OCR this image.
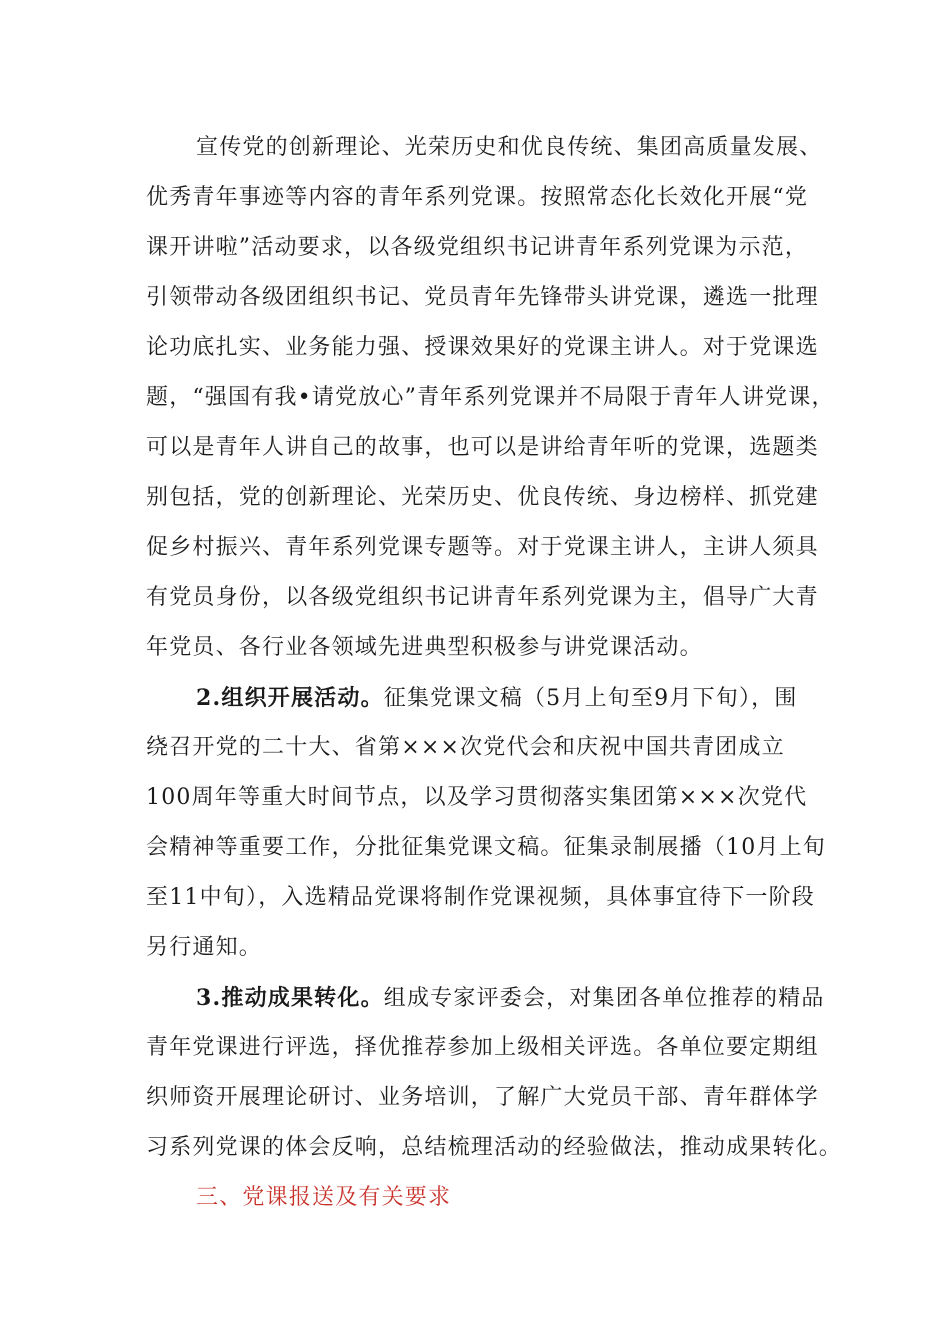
宣传党的创新理论、光荣历史和优良传统、集团高质量发展、
优秀青年事迹等内容的青年系列党课。按照常态化长效化开展“党
课开讲啦”活动要求，以各级党组织书记讲青年系列党课为示范，
引领带动各级团组织书记、党员青年先锋带头讲党课，遴选一批理
论功底扎实、业务能力强、授课效果好的党课主讲人。对于党课选
题，“强国有我•请党放心”青年系列党课并不局限于青年人讲党课，
可以是青年人讲自己的故事，也可以是讲给青年听的党课，选题类
别包括，党的创新理论、光荣历史、优良传统、身边榜样、抓党建
促乡村振兴、青年系列党课专题等。对于党课主讲人，主讲人须具
有党员身份，以各级党组织书记讲青年系列党课为主，倡导广大青
年党员、各行业各领域先进典型积极参与讲党课活动。
2.组织开展活动。征集党课文稿（5月上旬至9月下旬），围
绕召开党的二十大、省第×××次党代会和庆祝中国共青团成立
100周年等重大时间节点，以及学习贯彻落实集团第×××次党代
会精神等重要工作，分批征集党课文稿。征集录制展播（10月上旬
至11中旬），入选精品党课将制作党课视频，具体事宜待下一阶段
另行通知。
3.推动成果转化。组成专家评委会，对集团各单位推荐的精品
青年党课进行评选，择优推荐参加上级相关评选。各单位要定期组
织师资开展理论研讨、业务培训，了解广大党员干部、青年群体学
习系列党课的体会反响，总结梳理活动的经验做法，推动成果转化。
三、党课报送及有关要求
